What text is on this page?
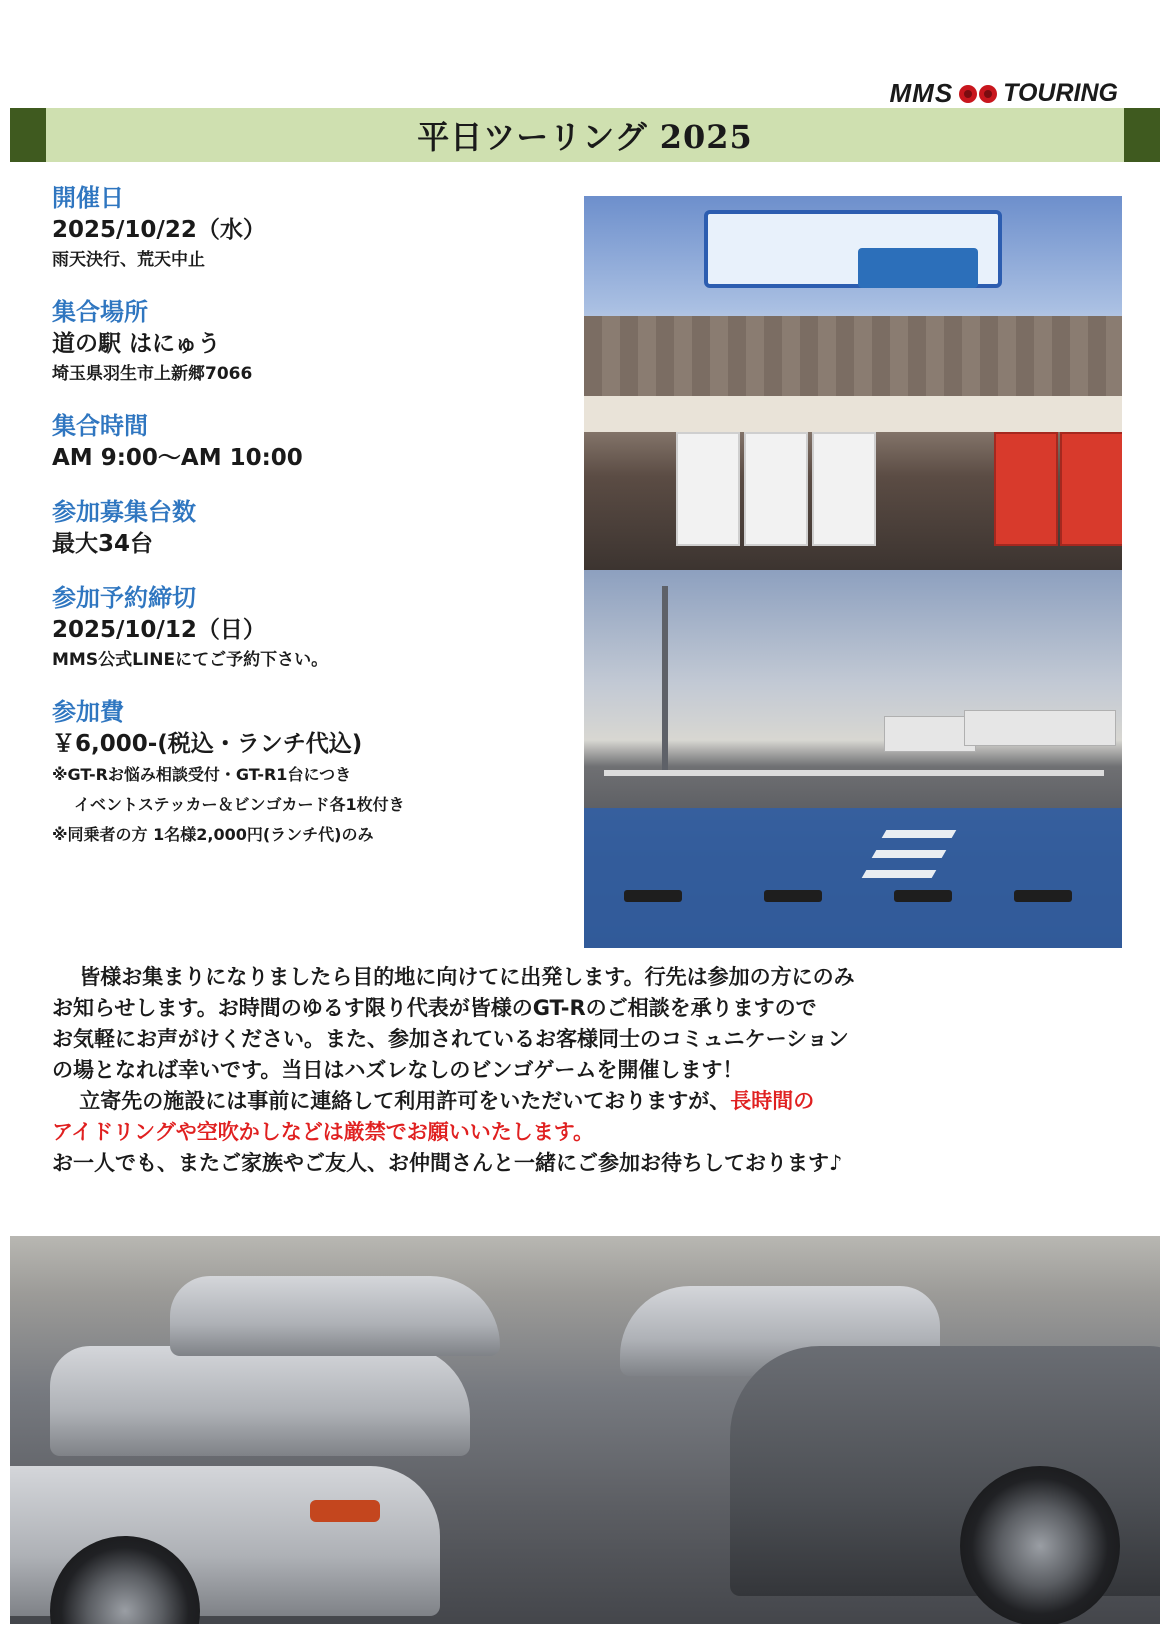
MMS TOURING
平日ツーリング 2025
開催日
2025/10/22（水）
雨天決行、荒天中止
集合場所
道の駅 はにゅう
埼玉県羽生市上新郷7066
集合時間
AM 9:00〜AM 10:00
参加募集台数
最大34台
参加予約締切
2025/10/12（日）
MMS公式LINEにてご予約下さい。
参加費
￥6,000-(税込・ランチ代込)
※GT-Rお悩み相談受付・GT-R1台につき
イベントステッカー＆ビンゴカード各1枚付き
※同乗者の方 1名様2,000円(ランチ代)のみ

皆様お集まりになりましたら目的地に向けてに出発します。行先は参加の方にのみ

お知らせします。お時間のゆるす限り代表が皆様のGT-Rのご相談を承りますので

お気軽にお声がけください。また、参加されているお客様同士のコミュニケーション

の場となれば幸いです。当日はハズレなしのビンゴゲームを開催します！

立寄先の施設には事前に連絡して利用許可をいただいておりますが、長時間の

アイドリングや空吹かしなどは厳禁でお願いいたします。

お一人でも、またご家族やご友人、お仲間さんと一緒にご参加お待ちしております♪
